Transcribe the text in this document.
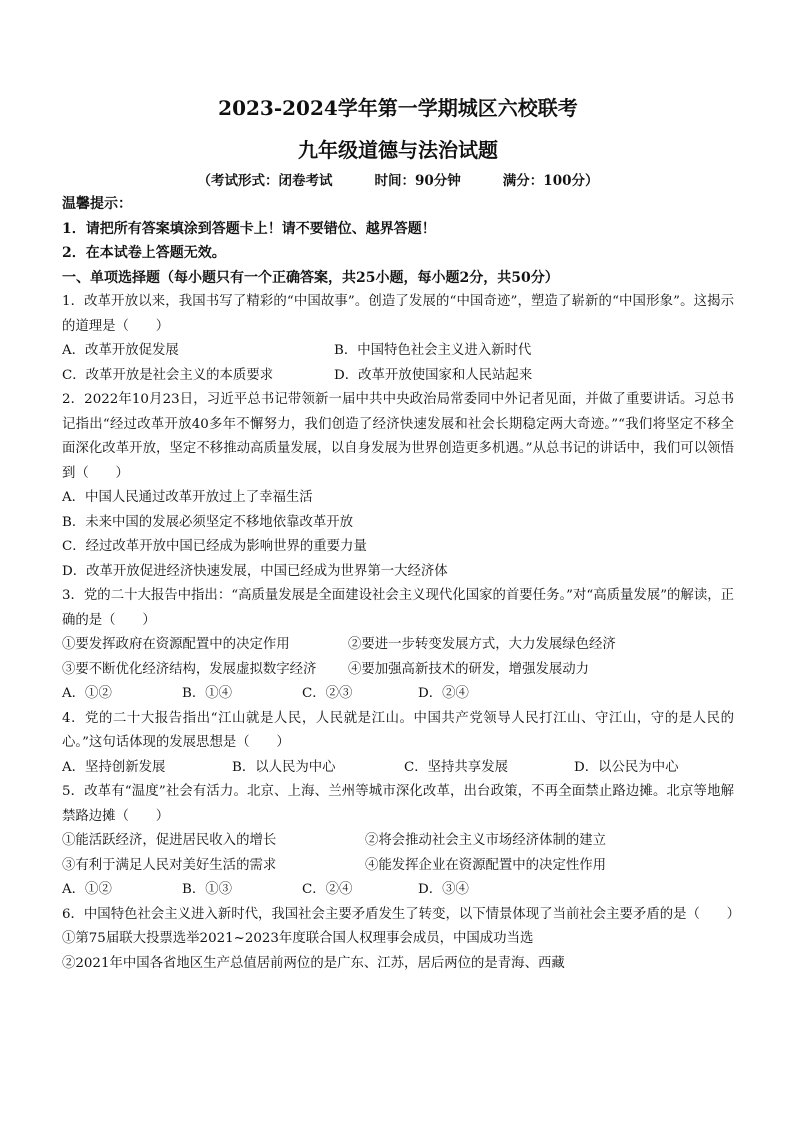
2023-2024学年第一学期城区六校联考
九年级道德与法治试题
（考试形式：闭卷考试	时间：90分钟	满分：100分）
温馨提示：
1．请把所有答案填涂到答题卡上！请不要错位、越界答题！
2．在本试卷上答题无效。
一、单项选择题（每小题只有一个正确答案，共25小题，每小题2分，共50分）
1．改革开放以来，我国书写了精彩的“中国故事”。创造了发展的“中国奇迹”，塑造了崭新的“中国形象”。这揭示的道理是（　　）
A．改革开放促发展	B．中国特色社会主义进入新时代
C．改革开放是社会主义的本质要求	D．改革开放使国家和人民站起来
2．2022年10月23日，习近平总书记带领新一届中共中央政治局常委同中外记者见面，并做了重要讲话。习总书记指出“经过改革开放40多年不懈努力，我们创造了经济快速发展和社会长期稳定两大奇迹。”“我们将坚定不移全面深化改革开放，坚定不移推动高质量发展，以自身发展为世界创造更多机遇。”从总书记的讲话中，我们可以领悟到（　　）
A．中国人民通过改革开放过上了幸福生活
B．未来中国的发展必须坚定不移地依靠改革开放
C．经过改革开放中国已经成为影响世界的重要力量
D．改革开放促进经济快速发展，中国已经成为世界第一大经济体
3．党的二十大报告中指出：“高质量发展是全面建设社会主义现代化国家的首要任务。”对“高质量发展”的解读，正确的是（　　）
①要发挥政府在资源配置中的决定作用	②要进一步转变发展方式，大力发展绿色经济
③要不断优化经济结构，发展虚拟数字经济	④要加强高新技术的研发，增强发展动力
A．①②	B．①④	C．②③	D．②④
4．党的二十大报告指出“江山就是人民，人民就是江山。中国共产党领导人民打江山、守江山，守的是人民的心。”这句话体现的发展思想是（　　）
A．坚持创新发展	B．以人民为中心	C．坚持共享发展	D．以公民为中心
5．改革有“温度”社会有活力。北京、上海、兰州等城市深化改革，出台政策，不再全面禁止路边摊。北京等地解禁路边摊（　　）
①能活跃经济，促进居民收入的增长	②将会推动社会主义市场经济体制的建立
③有利于满足人民对美好生活的需求	④能发挥企业在资源配置中的决定性作用
A．①②	B．①③	C．②④	D．③④
6．中国特色社会主义进入新时代，我国社会主要矛盾发生了转变，以下情景体现了当前社会主要矛盾的是（　　）
①第75届联大投票选举2021~2023年度联合国人权理事会成员，中国成功当选
②2021年中国各省地区生产总值居前两位的是广东、江苏，居后两位的是青海、西藏
